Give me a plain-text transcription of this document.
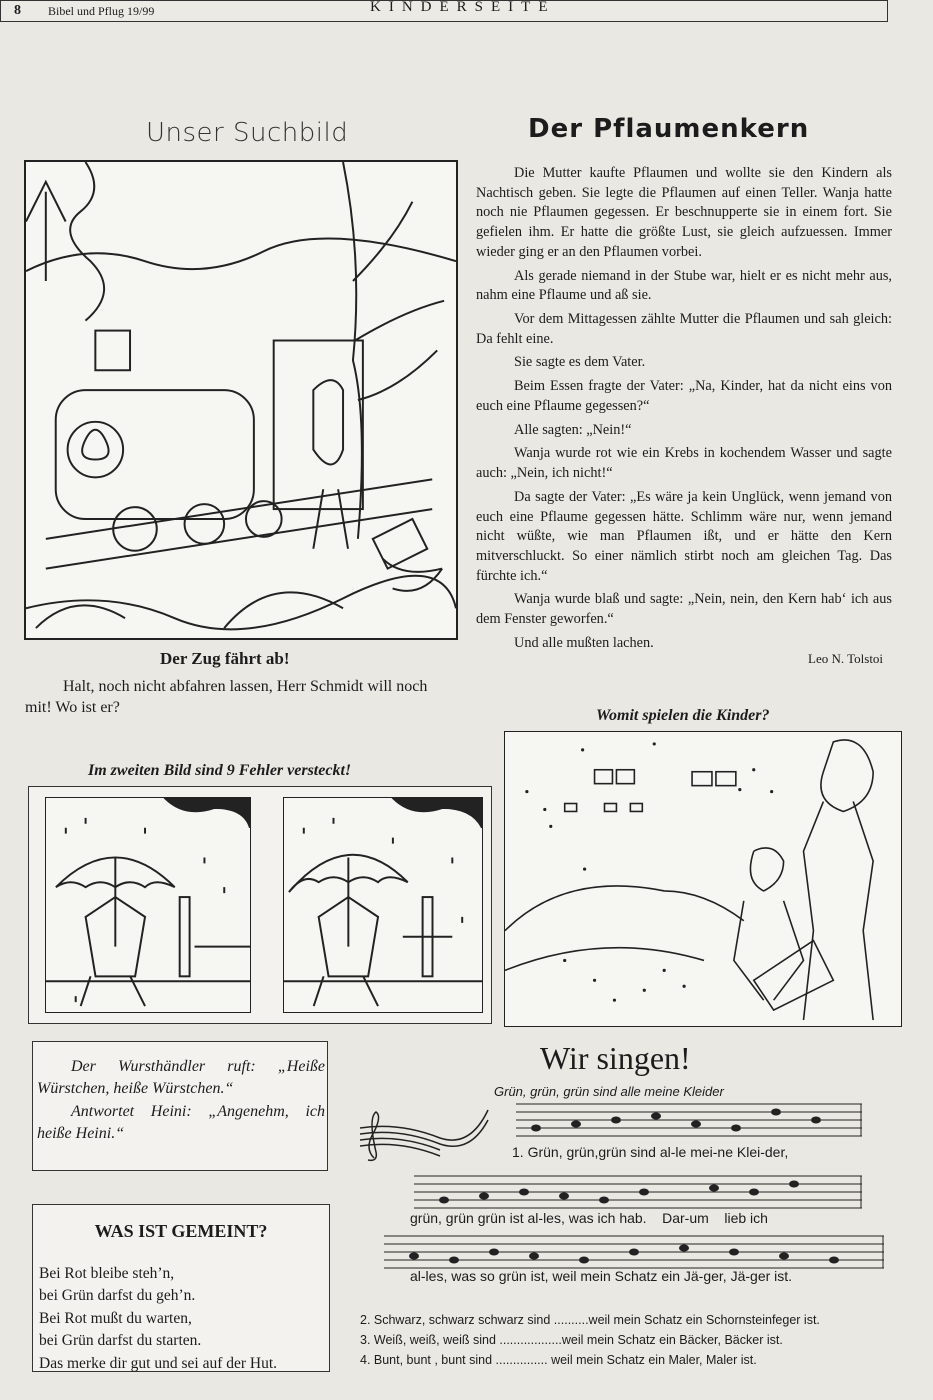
8 Bibel und Pflug 19/99	KINDERSEITE
Unser Suchbild
Der Zug fährt ab!
Halt, noch nicht abfahren lassen, Herr Schmidt will noch mit! Wo ist er?
Im zweiten Bild sind 9 Fehler versteckt!
Der Pflaumenkern

Die Mutter kaufte Pflaumen und wollte sie den Kindern als Nachtisch geben. Sie legte die Pflaumen auf einen Teller. Wanja hatte noch nie Pflaumen gegessen. Er beschnupperte sie in einem fort. Sie gefielen ihm. Er hatte die größte Lust, sie gleich aufzuessen. Immer wieder ging er an den Pflaumen vorbei.

Als gerade niemand in der Stube war, hielt er es nicht mehr aus, nahm eine Pflaume und aß sie.

Vor dem Mittagessen zählte Mutter die Pflaumen und sah gleich: Da fehlt eine.

Sie sagte es dem Vater.

Beim Essen fragte der Vater: „Na, Kinder, hat da nicht eins von euch eine Pflaume gegessen?“

Alle sagten: „Nein!“

Wanja wurde rot wie ein Krebs in kochendem Wasser und sagte auch: „Nein, ich nicht!“

Da sagte der Vater: „Es wäre ja kein Unglück, wenn jemand von euch eine Pflaume gegessen hätte. Schlimm wäre nur, wenn jemand nicht wüßte, wie man Pflaumen ißt, und er hätte den Kern mitverschluckt. So einer nämlich stirbt noch am gleichen Tag. Das fürchte ich.“

Wanja wurde blaß und sagte: „Nein, nein, den Kern hab‘ ich aus dem Fenster geworfen.“

Und alle mußten lachen.

Leo N. Tolstoi
Womit spielen die Kinder?

Der Wursthändler ruft: „Heiße Würstchen, heiße Würstchen.“

Antwortet Heini: „Angenehm, ich heiße Heini.“

WAS IST GEMEINT?
Bei Rot bleibe steh’n,
bei Grün darfst du geh’n.
Bei Rot mußt du warten,
bei Grün darfst du starten.
Das merke dir gut und sei auf der Hut.
Wir singen!
Grün, grün, grün sind alle meine Kleider
1. Grün, grün,grün sind al-le mei-ne Klei-der,
grün, grün grün ist al-les, was ich hab.    Dar-um    lieb ich
al-les, was so grün ist, weil mein Schatz ein Jä-ger, Jä-ger ist.
2. Schwarz, schwarz schwarz sind ..........weil mein Schatz ein Schornsteinfeger ist.
3. Weiß, weiß, weiß sind ..................weil mein Schatz ein Bäcker, Bäcker ist.
4. Bunt, bunt , bunt sind ............... weil mein Schatz ein Maler, Maler ist.
